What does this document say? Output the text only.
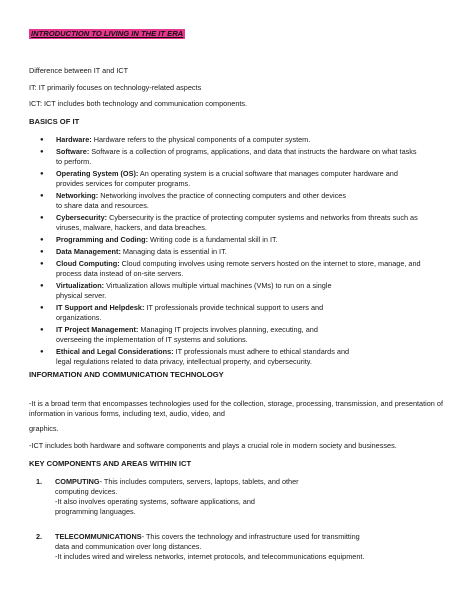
INTRODUCTION TO LIVING IN THE IT ERA

Difference between IT and ICT

IT: IT primarily focuses on technology-related aspects

ICT: ICT includes both technology and communication components.

BASICS OF IT

● Hardware: Hardware refers to the physical components of a computer system.
● Software: Software is a collection of programs, applications, and data that instructs the hardware on what tasks
to perform.
● Operating System (OS): An operating system is a crucial software that manages computer hardware and
provides services for computer programs.
● Networking: Networking involves the practice of connecting computers and other devices
to share data and resources.
● Cybersecurity: Cybersecurity is the practice of protecting computer systems and networks from threats such as
viruses, malware, hackers, and data breaches.
● Programming and Coding: Writing code is a fundamental skill in IT.
● Data Management: Managing data is essential in IT.
● Cloud Computing: Cloud computing involves using remote servers hosted on the internet to store, manage, and
process data instead of on-site servers.
● Virtualization: Virtualization allows multiple virtual machines (VMs) to run on a single
physical server.
● IT Support and Helpdesk: IT professionals provide technical support to users and
organizations.
● IT Project Management: Managing IT projects involves planning, executing, and
overseeing the implementation of IT systems and solutions.
● Ethical and Legal Considerations: IT professionals must adhere to ethical standards and
legal regulations related to data privacy, intellectual property, and cybersecurity.

INFORMATION AND COMMUNICATION TECHNOLOGY

-It is a broad term that encompasses technologies used for the collection, storage, processing, transmission, and presentation of information in various forms, including text, audio, video, and

graphics.

-ICT includes both hardware and software components and plays a crucial role in modern society and businesses.

KEY COMPONENTS AND AREAS WITHIN ICT

1. COMPUTING- This includes computers, servers, laptops, tablets, and other
computing devices.
-It also involves operating systems, software applications, and
programming languages.
2. TELECOMMUNICATIONS- This covers the technology and infrastructure used for transmitting
data and communication over long distances.
-It includes wired and wireless networks, internet protocols, and telecommunications equipment.
